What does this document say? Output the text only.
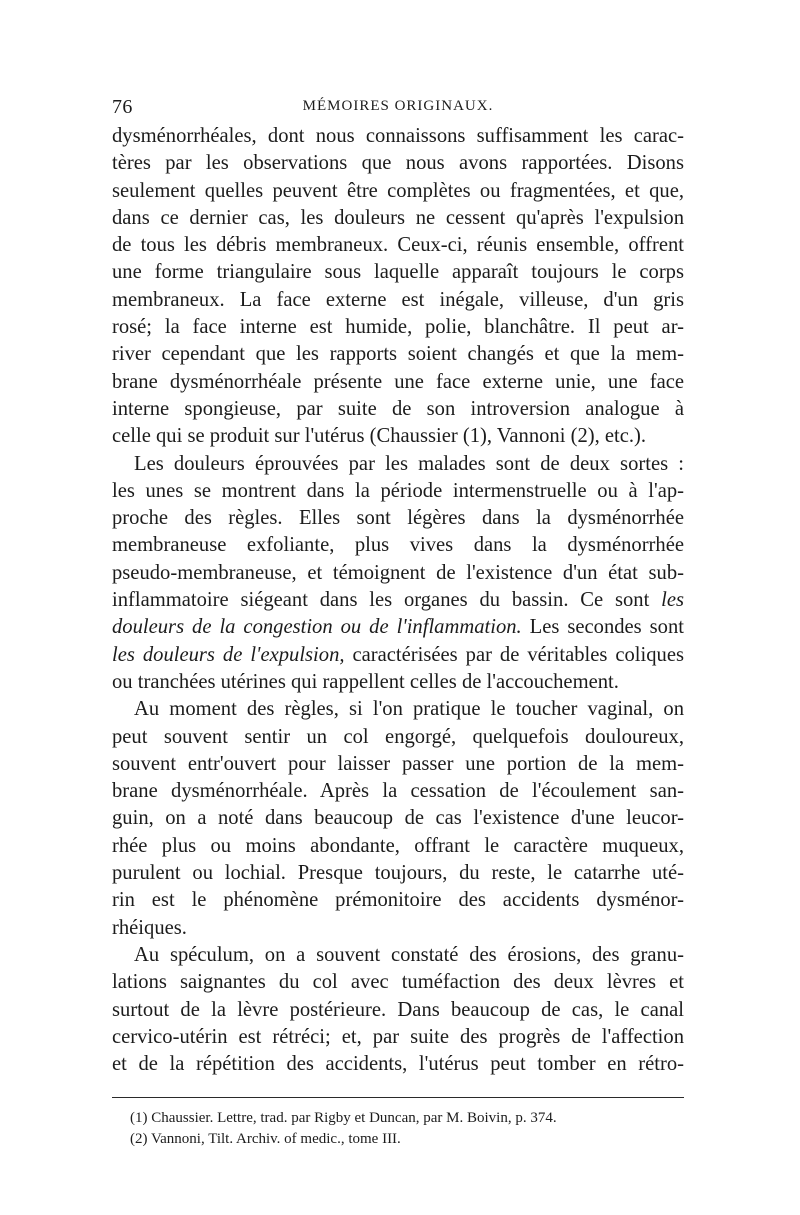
76	MÉMOIRES ORIGINAUX.
dysménorrhéales, dont nous connaissons suffisamment les carac-
tères par les observations que nous avons rapportées. Disons
seulement quelles peuvent être complètes ou fragmentées, et que,
dans ce dernier cas, les douleurs ne cessent qu'après l'expulsion
de tous les débris membraneux. Ceux-ci, réunis ensemble, offrent
une forme triangulaire sous laquelle apparaît toujours le corps
membraneux. La face externe est inégale, villeuse, d'un gris
rosé; la face interne est humide, polie, blanchâtre. Il peut ar-
river cependant que les rapports soient changés et que la mem-
brane dysménorrhéale présente une face externe unie, une face
interne spongieuse, par suite de son introversion analogue à
celle qui se produit sur l'utérus (Chaussier (1), Vannoni (2), etc.).
Les douleurs éprouvées par les malades sont de deux sortes :
les unes se montrent dans la période intermenstruelle ou à l'ap-
proche des règles. Elles sont légères dans la dysménorrhée
membraneuse exfoliante, plus vives dans la dysménorrhée
pseudo-membraneuse, et témoignent de l'existence d'un état sub-
inflammatoire siégeant dans les organes du bassin. Ce sont les
douleurs de la congestion ou de l'inflammation. Les secondes sont
les douleurs de l'expulsion, caractérisées par de véritables coliques
ou tranchées utérines qui rappellent celles de l'accouchement.
Au moment des règles, si l'on pratique le toucher vaginal, on
peut souvent sentir un col engorgé, quelquefois douloureux,
souvent entr'ouvert pour laisser passer une portion de la mem-
brane dysménorrhéale. Après la cessation de l'écoulement san-
guin, on a noté dans beaucoup de cas l'existence d'une leucor-
rhée plus ou moins abondante, offrant le caractère muqueux,
purulent ou lochial. Presque toujours, du reste, le catarrhe uté-
rin est le phénomène prémonitoire des accidents dysménor-
rhéiques.
Au spéculum, on a souvent constaté des érosions, des granu-
lations saignantes du col avec tuméfaction des deux lèvres et
surtout de la lèvre postérieure. Dans beaucoup de cas, le canal
cervico-utérin est rétréci; et, par suite des progrès de l'affection
et de la répétition des accidents, l'utérus peut tomber en rétro-
(1) Chaussier. Lettre, trad. par Rigby et Duncan, par M. Boivin, p. 374.
(2) Vannoni, Tilt. Archiv. of medic., tome III.
